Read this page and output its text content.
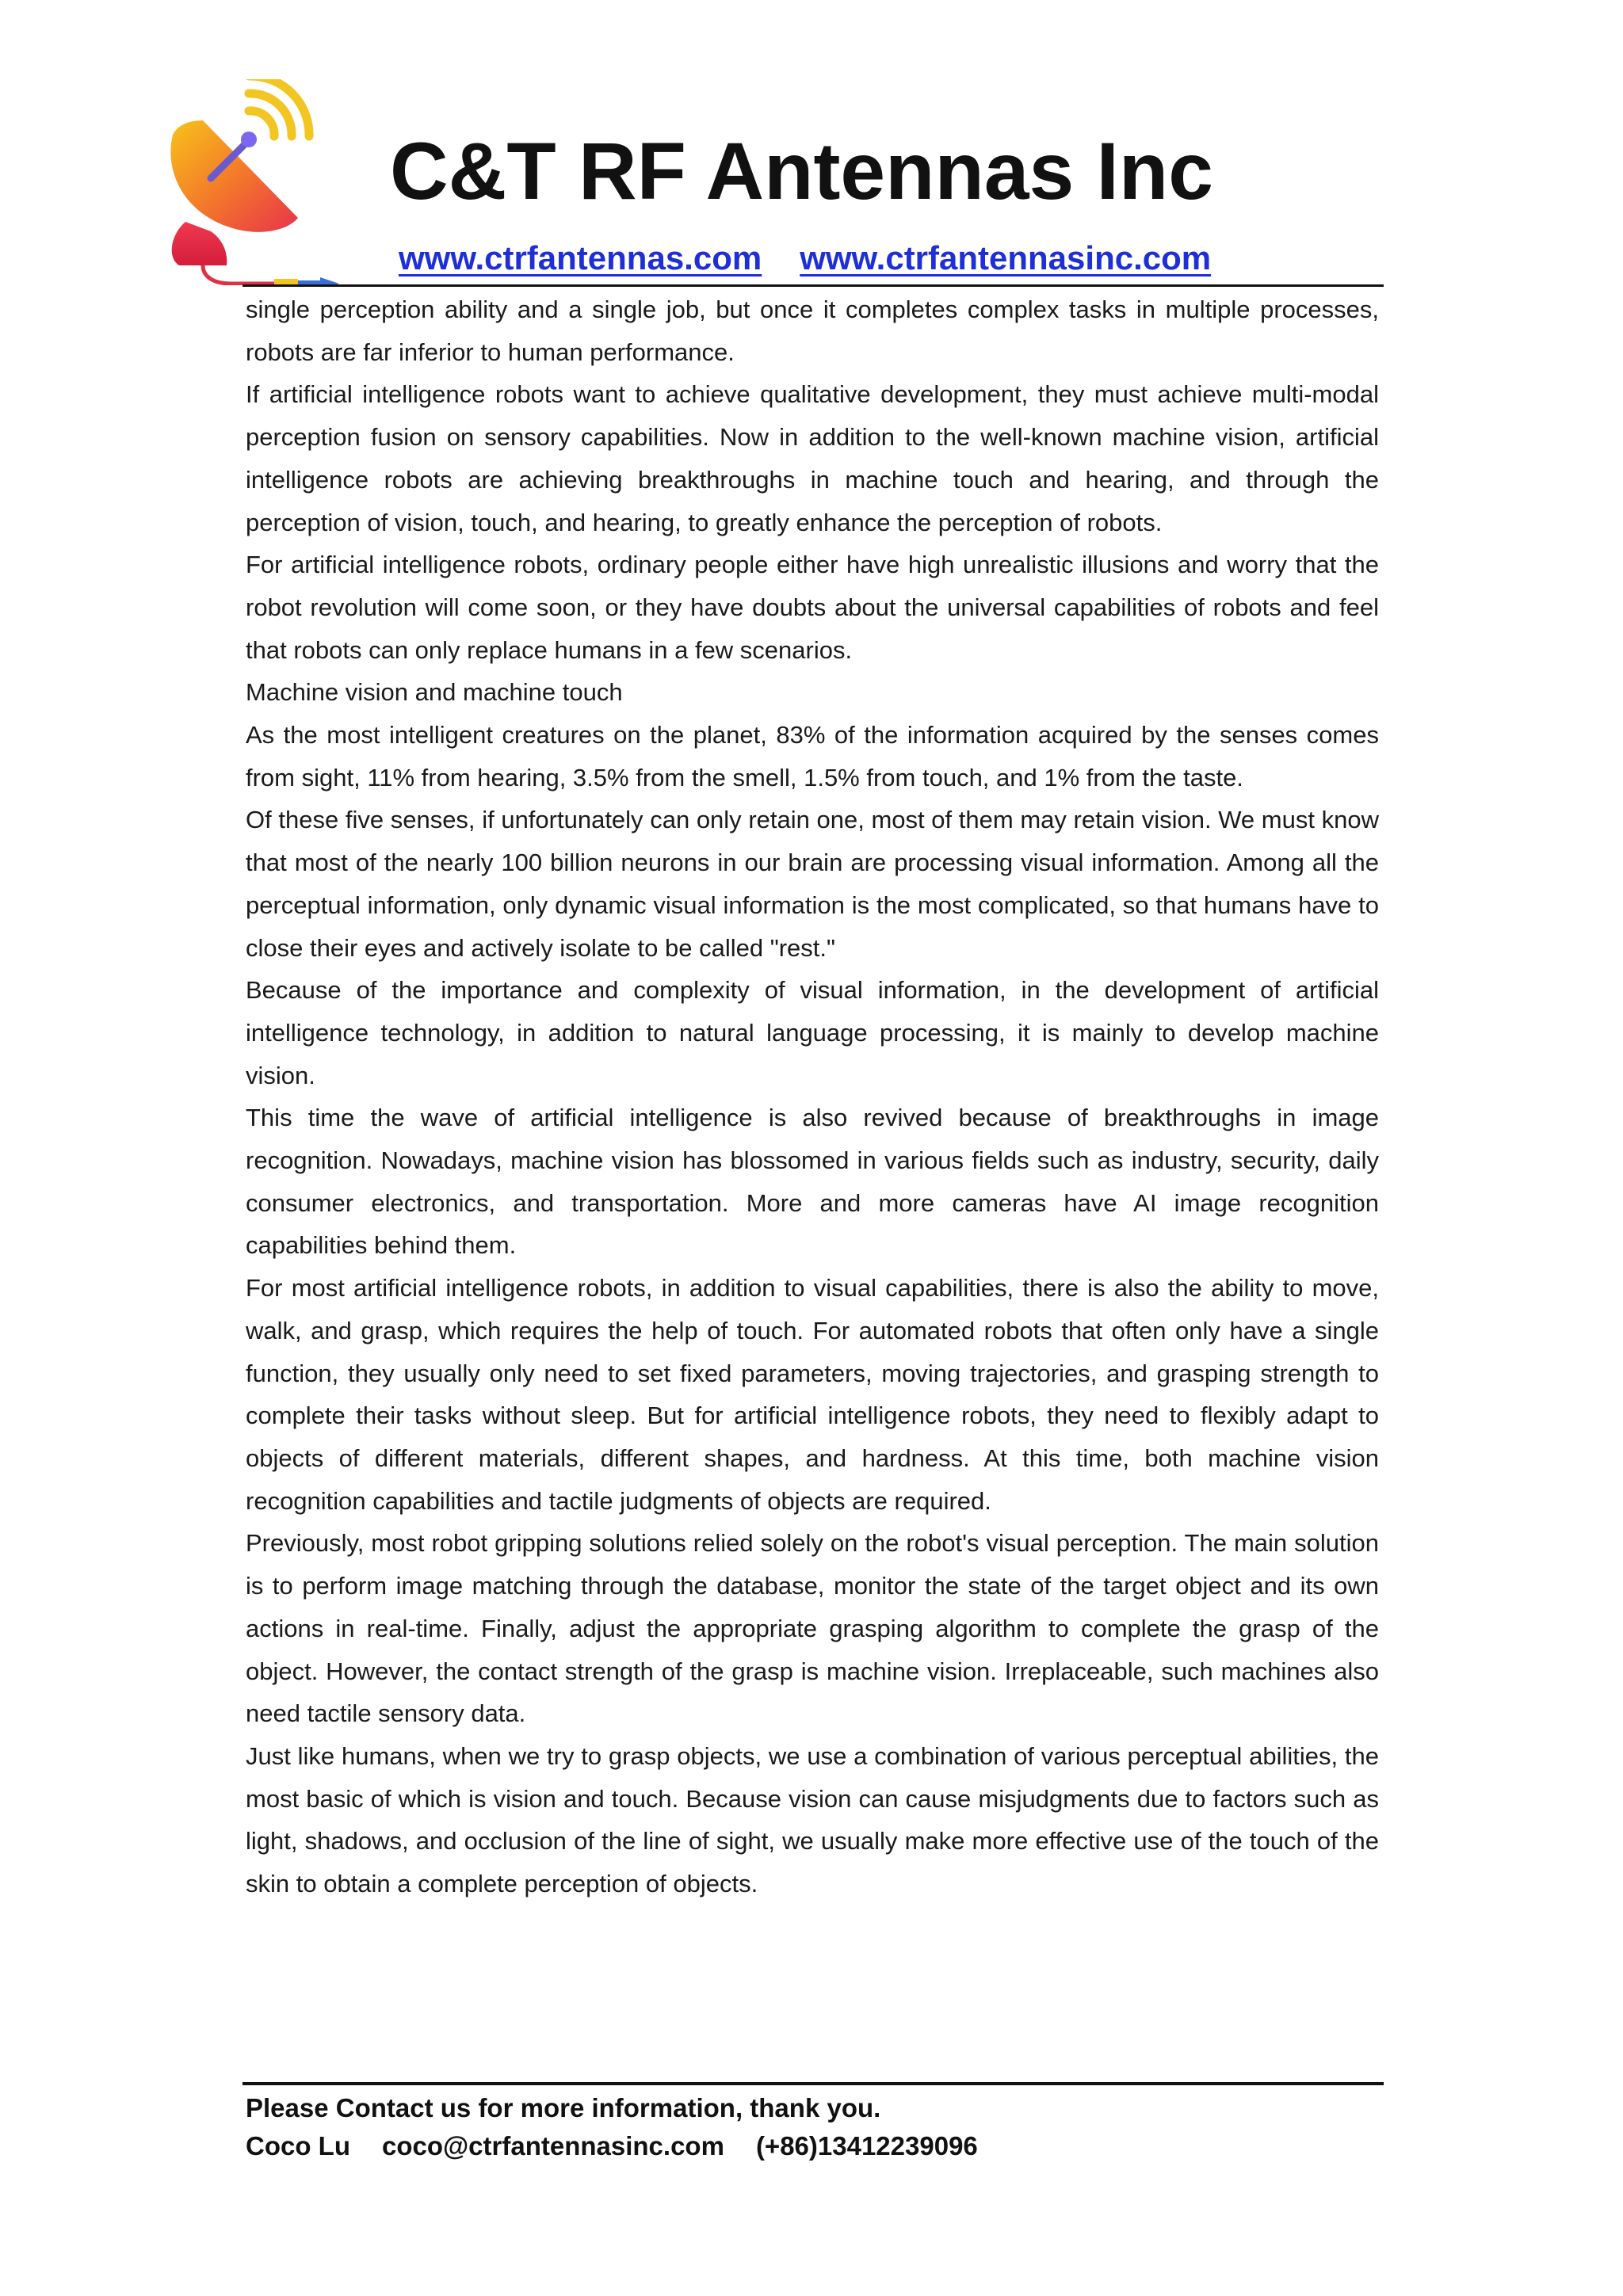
C&T RF Antennas Inc
www.ctrfantennas.com www.ctrfantennasinc.com

single perception ability and a single job, but once it completes complex tasks in multiple processes, robots are far inferior to human performance.

If artificial intelligence robots want to achieve qualitative development, they must achieve multi-modal perception fusion on sensory capabilities. Now in addition to the well-known machine vision, artificial intelligence robots are achieving breakthroughs in machine touch and hearing, and through the perception of vision, touch, and hearing, to greatly enhance the perception of robots.

For artificial intelligence robots, ordinary people either have high unrealistic illusions and worry that the robot revolution will come soon, or they have doubts about the universal capabilities of robots and feel that robots can only replace humans in a few scenarios.

Machine vision and machine touch

As the most intelligent creatures on the planet, 83% of the information acquired by the senses comes from sight, 11% from hearing, 3.5% from the smell, 1.5% from touch, and 1% from the taste.

Of these five senses, if unfortunately can only retain one, most of them may retain vision. We must know that most of the nearly 100 billion neurons in our brain are processing visual information. Among all the perceptual information, only dynamic visual information is the most complicated, so that humans have to close their eyes and actively isolate to be called "rest."

Because of the importance and complexity of visual information, in the development of artificial intelligence technology, in addition to natural language processing, it is mainly to develop machine vision.

This time the wave of artificial intelligence is also revived because of breakthroughs in image recognition. Nowadays, machine vision has blossomed in various fields such as industry, security, daily consumer electronics, and transportation. More and more cameras have AI image recognition capabilities behind them.

For most artificial intelligence robots, in addition to visual capabilities, there is also the ability to move, walk, and grasp, which requires the help of touch. For automated robots that often only have a single function, they usually only need to set fixed parameters, moving trajectories, and grasping strength to complete their tasks without sleep. But for artificial intelligence robots, they need to flexibly adapt to objects of different materials, different shapes, and hardness. At this time, both machine vision recognition capabilities and tactile judgments of objects are required.

Previously, most robot gripping solutions relied solely on the robot's visual perception. The main solution is to perform image matching through the database, monitor the state of the target object and its own actions in real-time. Finally, adjust the appropriate grasping algorithm to complete the grasp of the object. However, the contact strength of the grasp is machine vision. Irreplaceable, such machines also need tactile sensory data.

Just like humans, when we try to grasp objects, we use a combination of various perceptual abilities, the most basic of which is vision and touch. Because vision can cause misjudgments due to factors such as light, shadows, and occlusion of the line of sight, we usually make more effective use of the touch of the skin to obtain a complete perception of objects.

Please Contact us for more information, thank you.
Coco Lu coco@ctrfantennasinc.com (+86)13412239096
